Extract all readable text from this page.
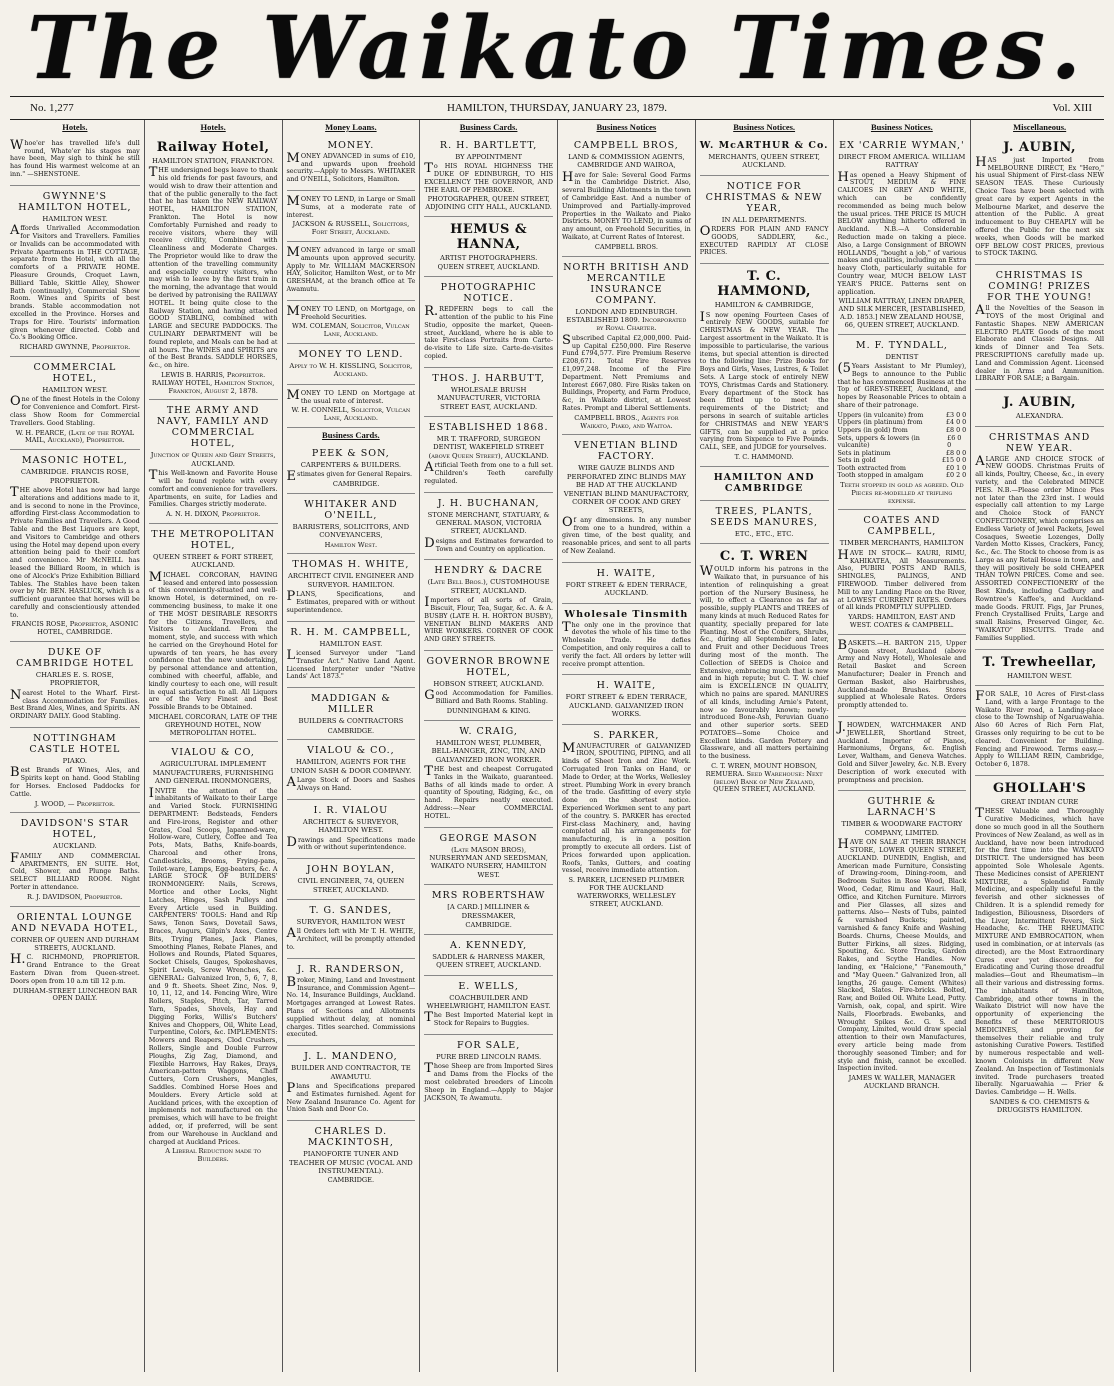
The Waikato Times.
No. 1,277	HAMILTON, THURSDAY, JANUARY 23, 1879.	Vol. XIII
Hotels.
Whoe'er has travelled life's dull round, Whate'er his stages may have been, May sigh to think he still has found His warmest welcome at an inn." —SHENSTONE.
GWYNNE'S HAMILTON HOTEL,
HAMILTON WEST.
Affords Unrivalled Accommodation for Visitors and Travellers. Families or Invalids can be accommodated with Private Apartments in THE COTTAGE, separate from the Hotel, with all the comforts of a PRIVATE HOME. Pleasure Grounds, Croquet Lawn, Billiard Table, Skittle Alley, Shower Bath (continually), Commercial Show Room. Wines and Spirits of best brands. Stable accommodation not excelled in the Province. Horses and Traps for Hire. Tourists' information given whenever directed. Cobb and Co.'s Booking Office.
RICHARD GWYNNE, Proprietor.
COMMERCIAL HOTEL,
HAMILTON WEST.
One of the finest Hotels in the Colony for Convenience and Comfort. First-class Show Room for Commercial Travellers. Good Stabling.
W. H. PEARCE, (Late of the ROYAL MAIL, Auckland), Proprietor.
MASONIC HOTEL,
CAMBRIDGE. FRANCIS ROSE, PROPRIETOR.
THE above Hotel has now had large alterations and additions made to it, and is second to none in the Province, affording First-class Accommodation to Private Families and Travellers. A Good Table and the Best Liquors are kept, and Visitors to Cambridge and others using the Hotel may depend upon every attention being paid to their comfort and convenience. Mr McNEILL has leased the Billiard Room, in which is one of Alcock's Prize Exhibition Billiard Tables. The Stables have been taken over by Mr. BEN. HASLUCK, which is a sufficient guarantee that horses will be carefully and conscientiously attended to.
FRANCIS ROSE, Proprietor, ASONIC HOTEL, CAMBRIDGE.
DUKE OF CAMBRIDGE HOTEL
CHARLES E. S. ROSE, PROPRIETOR,
Nearest Hotel to the Wharf. First-class Accommodation for Families. Best Brand Ales, Wines, and Spirits. AN ORDINARY DAILY. Good Stabling.
NOTTINGHAM CASTLE HOTEL
PIAKO.
Best Brands of Wines, Ales, and Spirits kept on hand. Good Stabling for Horses. Enclosed Paddocks for Cattle.
J. WOOD, — Proprietor.
DAVIDSON'S STAR HOTEL,
AUCKLAND.
FAMILY AND COMMERCIAL APARTMENTS, EN SUITE. Hot, Cold, Shower, and Plunge Baths. SELECT BILLIARD ROOM. Night Porter in attendance.
R. J. DAVIDSON, Proprietor.
ORIENTAL LOUNGE AND NEVADA HOTEL,
CORNER OF QUEEN AND DURHAM STREETS, AUCKLAND.
H.C. RICHMOND, PROPRIETOR. Grand Entrance to the Great Eastern Divan from Queen-street. Doors open from 10 a.m till 12 p.m.
DURHAM-STREET LUNCHEON BAR OPEN DAILY.
Hotels.
Railway Hotel,
HAMILTON STATION, FRANKTON.
THE undersigned begs leave to thank his old friends for past favours, and would wish to draw their attention and that of the public generally to the fact that he has taken the NEW RAILWAY HOTEL, HAMILTON STATION, Frankton. The Hotel is now Comfortably Furnished and ready to receive visitors, where they will receive civility, Combined with Cleanliness and Moderate Charges. The Proprietor would like to draw the attention of the travelling community and especially country visitors, who may wish to leave by the first train in the morning, the advantage that would be derived by patronising the RAILWAY HOTEL. It being quite close to the Railway Station, and having attached GOOD STABLING, combined with LARGE and SECURE PADDOCKS. The CULINARY DEPARTMENT will be found replete, and Meals can be had at all hours. The WINES and SPIRITS are of the Best Brands. SADDLE HORSES, &c., on hire.
LEWIS B. HARRIS, Proprietor. RAILWAY HOTEL, Hamilton Station, Frankton, August 2, 1878.
THE ARMY AND NAVY, FAMILY AND COMMERCIAL HOTEL,
Junction of Queen and Grey Streets, AUCKLAND.
This Well-known and Favorite House will be found replete with every comfort and convenience for travellers. Apartments, en suite, for Ladies and Families. Charges strictly moderate.
A. N. H. DIXON, Proprietor.
THE METROPOLITAN HOTEL,
QUEEN STREET & FORT STREET, AUCKLAND.
MICHAEL CORCORAN, HAVING leased and entered into possession of this conveniently-situated and well-known Hotel, is determined, on re-commencing business, to make it one of THE MOST DESIRABLE RESORTS for the Citizens, Travellers, and Visitors to Auckland. From the moment, style, and success with which he carried on the Greyhound Hotel for upwards of ten years, he has every confidence that the new undertaking, by personal attendance and attention, combined with cheerful, affable, and kindly courtesy to each one, will result in equal satisfaction to all. All Liquors are of the Very Finest and Best Possible Brands to be Obtained.
MICHAEL CORCORAN, LATE OF THE GREYHOUND HOTEL, NOW METROPOLITAN HOTEL.
VIALOU & CO,
AGRICULTURAL IMPLEMENT MANUFACTURERS, FURNISHING AND GENERAL IRONMONGERS,
INVITE the attention of the inhabitants of Waikato to their Large and Varied Stock. FURNISHING DEPARTMENT: Bedsteads, Fenders and Fire-irons, Register and other Grates, Coal Scoops, Japanned-ware, Hollow-ware, Cutlery, Coffee and Tea Pots, Mats, Baths, Knife-boards, Charcoal and other Irons, Candlesticks, Brooms, Frying-pans, Toilet-ware, Lamps, Egg-beaters, &c. A LARGE STOCK OF BUILDERS' IRONMONGERY: Nails, Screws, Mortice and other Locks, Night Latches, Hinges, Sash Pulleys and Every Article used in Building. CARPENTERS' TOOLS: Hand and Rip Saws, Tenon Saws, Dovetail Saws, Braces, Augurs, Gilpin's Axes, Centre Bits, Trying Planes, Jack Planes, Smoothing Planes, Rebate Planes, and Hollows and Rounds, Plated Squares, Socket Chisels, Gauges, Spokeshaves, Spirit Levels, Screw Wrenches, &c. GENERAL: Galvanized Iron, 5, 6, 7, 8, and 9 ft. Sheets. Sheet Zinc, Nos. 9, 10, 11, 12, and 14. Fencing Wire, Wire Rollers, Staples, Pitch, Tar, Tarred Yarn, Spades, Shovels, Hay and Digging Forks, Willis's Butchers' Knives and Choppers, Oil, White Lead, Turpentine, Colors, &c. IMPLEMENTS: Mowers and Reapers, Clod Crushers, Rollers, Single and Double Furrow Ploughs, Zig Zag, Diamond, and Flexible Harrows, Hay Rakes, Drays, American-pattern Waggons, Chaff Cutters, Corn Crushers, Mangles, Saddles. Combined Horse Hoes and Moulders. Every Article sold at Auckland prices, with the exception of implements not manufactured on the premises, which will have to be freight added, or, if preferred, will be sent from our Warehouse in Auckland and charged at Auckland Prices.
A Liberal Reduction made to Builders.
Money Loans.
MONEY.
MONEY ADVANCED in sums of £10, and upwards upon freehold security.—Apply to Messrs. WHITAKER and O'NEILL, Solicitors, Hamilton.
MONEY TO LEND, in Large or Small Sums, at a moderate rate of interest.
JACKSON & RUSSELL, Solicitors, Fort Street, Auckland.
MONEY advanced in large or small amounts upon approved security. Apply to Mr. WILLIAM MACKERSON HAY, Solicitor, Hamilton West, or to Mr GRESHAM, at the branch office at Te Awamutu.
MONEY TO LEND, on Mortgage, on Freehold Securities.
WM. COLEMAN, Solicitor, Vulcan Lane, Auckland.
MONEY TO LEND.
Apply to W. H. KISSLING, Solicitor, Auckland.
MONEY TO LEND on Mortgage at the usual rate of interest.
W. H. CONNELL, Solicitor, Vulcan Lane, Auckland.
Business Cards.
PEEK & SON,
CARPENTERS & BUILDERS.
Estimates given for General Repairs.
CAMBRIDGE.
WHITAKER AND O'NEILL,
BARRISTERS, SOLICITORS, AND CONVEYANCERS,
Hamilton West.
THOMAS H. WHITE,
ARCHITECT CIVIL ENGINEER AND SURVEYOR. HAMILTON.
PLANS, Specifications, and Estimates, prepared with or without superintendence.
R. H. M. CAMPBELL,
HAMILTON EAST.
Licensed Surveyor under "Land Transfer Act." Native Land Agent. Licensed Interpreter under "Native Lands' Act 1873."
MADDIGAN & MILLER
BUILDERS & CONTRACTORS
CAMBRIDGE.
VIALOU & CO.,
HAMILTON, AGENTS FOR THE UNION SASH & DOOR COMPANY.
ALarge Stock of Doors and Sashes Always on Hand.
I. R. VIALOU
ARCHITECT & SURVEYOR, HAMILTON WEST.
Drawings and Specifications made with or without superintendence.
JOHN BOYLAN,
CIVIL ENGINEER, 74, QUEEN STREET, AUCKLAND.
T. G. SANDES,
SURVEYOR, HAMILTON WEST
All Orders left with Mr T. H. WHITE, Architect, will be promptly attended to.
J. R. RANDERSON,
Broker, Mining, Land and Investment Insurance, and Commission Agent— No. 14, Insurance Buildings, Auckland. Mortgages arranged at Lowest Rates. Plans of Sections and Allotments supplied without delay, at nominal charges. Titles searched. Commissions executed.
J. L. MANDENO,
BUILDER AND CONTRACTOR, TE AWAMUTU.
Plans and Specifications prepared and Estimates furnished. Agent for New Zealand Insurance Co. Agent for Union Sash and Door Co.
CHARLES D. MACKINTOSH,
PIANOFORTE TUNER AND TEACHER OF MUSIC (VOCAL AND INSTRUMENTAL).
CAMBRIDGE.
Business Cards.
R. H. BARTLETT,
BY APPOINTMENT
To HIS ROYAL HIGHNESS THE DUKE OF EDINBURGH, TO HIS EXCELLENCY THE GOVERNOR, AND THE EARL OF PEMBROKE.
PHOTOGRAPHER, QUEEN STREET, ADJOINING CITY HALL, AUCKLAND.
HEMUS & HANNA,
ARTIST PHOTOGRAPHERS.
QUEEN STREET, AUCKLAND.
PHOTOGRAPHIC NOTICE.
R.REDFERN begs to call the attention of the public to his Fine Studio, opposite the market, Queen-street, Auckland, where he is able to take First-class Portraits from Carte-de-visite to Life size. Carte-de-visites copied.
THOS. J. HARBUTT,
WHOLESALE BRUSH MANUFACTURER, VICTORIA STREET EAST, AUCKLAND.
ESTABLISHED 1868.
MR T. TRAFFORD, SURGEON DENTIST, WAKEFIELD STREET (above Queen Street), AUCKLAND.
Artificial Teeth from one to a full set. Children's Teeth carefully regulated.
J. H. BUCHANAN,
STONE MERCHANT, STATUARY, & GENERAL MASON, VICTORIA STREET, AUCKLAND.
Designs and Estimates forwarded to Town and Country on application.
HENDRY & DACRE
(Late Bell Bros.), CUSTOMHOUSE STREET, AUCKLAND.
Importers of all sorts of Grain, Biscuit, Flour, Tea, Sugar, &c. A. & A. BUSBY (LATE H. H. HORTON BUSBY), VENETIAN BLIND MAKERS AND WIRE WORKERS. CORNER OF COOK AND GREY STREETS.
GOVERNOR BROWNE HOTEL,
HOBSON STREET, AUCKLAND.
Good Accommodation for Families. Billiard and Bath Rooms. Stabling.
DUNNINGHAM & KING.
W. CRAIG,
HAMILTON WEST, PLUMBER, BELL-HANGER, ZINC, TIN, AND GALVANIZED IRON WORKER.
THE best and cheapest Corrugated Tanks in the Waikato, guaranteed. Baths of all kinds made to order. A quantity of Spouting, Ridging, &c., on hand. Repairs neatly executed. Address:—Near COMMERCIAL HOTEL.
GEORGE MASON
(Late MASON BROS), NURSERYMAN AND SEEDSMAN, WAIKATO NURSERY, HAMILTON WEST.
MRS ROBERTSHAW
[A CARD.] MILLINER & DRESSMAKER,
CAMBRIDGE.
A. KENNEDY,
SADDLER & HARNESS MAKER, QUEEN STREET, AUCKLAND.
E. WELLS,
COACHBUILDER AND WHEELWRIGHT, HAMILTON EAST.
The Best Imported Material kept in Stock for Repairs to Buggies.
FOR SALE,
PURE BRED LINCOLN RAMS.
Those Sheep are from Imported Sires and Dams from the Flocks of the most celebrated breeders of Lincoln Sheep in England.—Apply to Major JACKSON, Te Awamutu.
Business Notices
CAMPBELL BROS,
LAND & COMMISSION AGENTS, CAMBRIDGE AND WAIROA,
Have for Sale: Several Good Farms in the Cambridge District. Also, several Building Allotments in the town of Cambridge East. And a number of Unimproved and Partially-improved Properties in the Waikato and Piako Districts. MONEY TO LEND, in sums of any amount, on Freehold Securities, in Waikato, at Current Rates of Interest.
CAMPBELL BROS.
NORTH BRITISH AND MERCANTILE INSURANCE COMPANY.
LONDON AND EDINBURGH. ESTABLISHED 1809. Incorporated by Royal Charter.
Subscribed Capital £2,000,000. Paid-up Capital £250,000. Fire Reserve Fund £794,577. Fire Premium Reserve £208,671. Total Fire Reserves £1,097,248. Income of the Fire Department. Nett Premiums and Interest £667,080. Fire Risks taken on Buildings, Property, and Farm Produce, &c, in Waikato district, at Lowest Rates. Prompt and Liberal Settlements.
CAMPBELL BROS., Agents for Waikato, Piako, and Waitoa.
VENETIAN BLIND FACTORY.
WIRE GAUZE BLINDS AND PERFORATED ZINC BLINDS MAY BE HAD AT THE AUCKLAND VENETIAN BLIND MANUFACTORY, CORNER OF COOK AND GREY STREETS,
Of any dimensions. In any number from one to a hundred, within a given time, of the best quality, and reasonable prices, and sent to all parts of New Zealand.
H. WAITE,
FORT STREET & EDEN TERRACE, AUCKLAND.
Wholesale Tinsmith
The only one in the province that devotes the whole of his time to the Wholesale Trade. He defies Competition, and only requires a call to verify the fact. All orders by letter will receive prompt attention.
H. WAITE,
FORT STREET & EDEN TERRACE, AUCKLAND. GALVANIZED IRON WORKS.
S. PARKER,
MANUFACTURER of GALVANIZED IRON, SPOUTING, PIPING, and all kinds of Sheet Iron and Zinc Work. Corrugated Iron Tanks on Hand, or Made to Order, at the Works, Wellesley street. Plumbing Work in every branch of the trade. Gasfitting of every style done on the shortest notice. Experienced Workmen sent to any part of the country. S. PARKER has erected First-class Machinery, and, having completed all his arrangements for manufacturing, is in a position promptly to execute all orders. List of Prices forwarded upon application. Roofs, Tanks, Gutters, and coating vessel, receive immediate attention.
S. PARKER, LICENSED PLUMBER FOR THE AUCKLAND WATERWORKS, WELLESLEY STREET, AUCKLAND.
Business Notices.
W. McARTHUR & Co.
MERCHANTS, QUEEN STREET, AUCKLAND.
NOTICE FOR CHRISTMAS & NEW YEAR,
IN ALL DEPARTMENTS.
ORDERS FOR PLAIN AND FANCY GOODS, SADDLERY, &c., EXECUTED RAPIDLY AT CLOSE PRICES.
T. C. HAMMOND,
HAMILTON & CAMBRIDGE,
IS now opening Fourteen Cases of entirely NEW GOODS, suitable for CHRISTMAS & NEW YEAR. The Largest assortment in the Waikato. It is impossible to particularise, the various items, but special attention is directed to the following line: Prize Books for Boys and Girls, Vases, Lustres, & Toilet Sets. A Large stock of entirely NEW TOYS, Christmas Cards and Stationery. Every department of the Stock has been fitted up to meet the requirements of the District; and persons in search of suitable articles for CHRISTMAS and NEW YEAR'S GIFTS, can be supplied at a price varying from Sixpence to Five Pounds. CALL, SEE, and JUDGE for yourselves.
T. C. HAMMOND.
HAMILTON AND CAMBRIDGE
TREES, PLANTS, SEEDS MANURES,
ETC., ETC., ETC.
C. T. WREN
WOULD inform his patrons in the Waikato that, in pursuance of his intention of relinquishing a great portion of the Nursery Business, he will, to effect a Clearance as far as possible, supply PLANTS and TREES of many kinds at much Reduced Rates for quantity, specially prepared for late Planting. Most of the Conifers, Shrubs, &c., during all September and later, and Fruit and other Deciduous Trees during most of the month. The Collection of SEEDS is Choice and Extensive, embracing much that is new and in high repute; but C. T. W. chief aim is EXCELLENCE IN QUALITY, which no pains are spared. MANURES of all kinds, including Arnie's Patent, now so favourably known; newly-introduced Bone-Ash, Peruvian Guano and other superior sorts. SEED POTATOES—Some Choice and Excellent kinds. Garden Pottery and Glassware, and all matters pertaining to the business.
C. T. WREN, MOUNT HOBSON, REMUERA. Seed Warehouse: Next (below) Bank of New Zealand, QUEEN STREET, AUCKLAND.
Business Notices.
EX 'CARRIE WYMAN,'
DIRECT FROM AMERICA. WILLIAM RATTRAY
Has opened a Heavy Shipment of STOUT, MEDIUM & FINE CALICOES IN GREY AND WHITE, which can be confidently recommended as being much below the usual prices. THE PRICE IS MUCH BELOW anything hitherto offered in Auckland. N.B.—A Considerable Reduction made on taking a piece. Also, a Large Consignment of BROWN HOLLANDS, "bought a job," of various makes and qualities, including an Extra heavy Cloth, particularly suitable for Country wear, MUCH BELOW LAST YEAR'S PRICE. Patterns sent on application.
WILLIAM RATTRAY, LINEN DRAPER, AND SILK MERCER, [ESTABLISHED, A.D. 1853.] NEW ZEALAND HOUSE, 66, QUEEN STREET, AUCKLAND.
M. F. TYNDALL,
DENTIST
(5Years Assistant to Mr Plumley), Begs to announce to the Public that he has commenced Business at the Top of GREY-STREET, Auckland, and hopes by Reasonable Prices to obtain a share of their patronage.
Uppers (in vulcanite) from	£3 0 0
Uppers (in platinum) from	£4 0 0
Uppers (in gold) from	£8 0 0
Sets, uppers & lowers (in vulcanite)
£6 0 0
Sets in platinum	£8 0 0
Sets in gold	£15 0 0
Tooth extracted from	£0 1 0
Tooth stopped in amalgam	£0 2 0
Teeth stopped in gold as agreed. Old Pieces re-modelled at trifling expense.
COATES AND CAMPBELL,
TIMBER MERCHANTS, HAMILTON
HAVE IN STOCK— KAURI, RIMU, KAHIKATEA, All Measurements. Also, PUBIRI POSTS AND RAILS, SHINGLES, PALINGS, AND FIREWOOD. Timber delivered from Mill to any Landing Place on the River, at LOWEST CURRENT RATES. Orders of all kinds PROMPTLY SUPPLIED.
YARDS: HAMILTON, EAST AND WEST. COATES & CAMPBELL.
BASKETS.—H. BARTON 215, Upper Queen street, Auckland (above Army and Navy Hotel), Wholesale and Retail Basket and Screen Manufacturer; Dealer in French and German Basket, also Hairbrushes, Auckland-made Brushes. Stores supplied at Wholesale Rates. Orders promptly attended to.
J.HOWDEN, WATCHMAKER AND JEWELLER, Shortland Street, Auckland. Importer of Pianos, Harmoniums, Organs, &c. English Lever, Waltham, and Geneva Watches. Gold and Silver Jewelry, &c. N.B. Every Description of work executed with promptness and precision.
GUTHRIE & LARNACH'S
TIMBER & WOODWARE FACTORY COMPANY, LIMITED.
HAVE ON SALE AT THEIR BRANCH STORE, LOWER QUEEN STREET, AUCKLAND. DUNEDIN, English, and American made Furniture, Consisting of Drawing-room, Dining-room, and Bedroom Suites in Rose Wood, Black Wood, Cedar, Rimu and Kauri. Hall, Office, and Kitchen Furniture. Mirrors and Pier Glasses, all sizes and patterns. Also— Nests of Tubs, painted & varnished Buckets; painted, varnished & fancy Knife and Washing Boards. Churns, Cheese Moulds, and Butter Firkins, all sizes. Ridging, Spouting, &c. Store Trucks, Garden Rakes, and Scythe Handles. Now landing, ex "Halcione," "Fanemouth," and "May Queen." Galvanized Iron, all lengths, 26 gauge. Cement (Whites) Slacked, Slates. Fire-bricks. Bolted, Raw, and Boiled Oil. White Lead, Putty. Varnish, oak, copal, and spirit. Wire Nails, Floorbrads. Ewebanks, and Wrought Spikes &c. G. S. and Company, Limited, would draw special attention to their own Manufactures, every article being made from thoroughly seasoned Timber; and for style and finish, cannot be excelled. Inspection invited.
JAMES W. WALLER, MANAGER AUCKLAND BRANCH.
Miscellaneous.
J. AUBIN,
HAS just Imported from MELBOURNE DIRECT, Ex "Hero," his usual Shipment of First-class NEW SEASON TEAS. These Curiously Choice Teas have been selected with great care by expert Agents in the Melbourne Market, and deserve the attention of the Public. A great inducement to Buy CHEAPLY will be offered the Public for the next six weeks, when Goods will be marked OFF BELOW COST PRICES, previous to STOCK TAKING.
CHRISTMAS IS COMING! PRIZES FOR THE YOUNG!
All the Novelties of the Season in TOYS of the most Original and Fantastic Shapes. NEW AMERICAN ELECTRO PLATE Goods of the most Elaborate and Classic Designs. All kinds of Dinner and Tea Sets. PRESCRIPTIONS carefully made up. Land and Commission Agent. Licensed dealer in Arms and Ammunition. LIBRARY FOR SALE; a Bargain.
J. AUBIN,
ALEXANDRA.
CHRISTMAS AND NEW YEAR.
ALARGE AND CHOICE STOCK of NEW GOODS. Christmas Fruits of all kinds, Poultry, Cheese, &c., in every variety, and the Celebrated MINCE PIES. N.B.—Please order Mince Pies not later than the 23rd inst. I would especially call attention to my Large and Choice Stock of FANCY CONFECTIONERY, which comprises an Endless Variety of Jewel Packets, Jewel Cosaques, Sweetie Lozenges, Dolly Varden Motto Kisses, Crackers, Fancy, &c., &c. The Stock to choose from is as Large as any Retail House in town, and they will positively be sold CHEAPER THAN TOWN PRICES. Come and see. ASSORTED CONFECTIONERY of the Best Kinds, including Cadbury and Rowntree's Kaffee's, and Auckland-made Goods. FRUIT. Figs, Jar Prunes, French Crystallised Fruits, Large and small Raisins, Preserved Ginger, &c. "WAIKATO" BISCUITS. Trade and Families Supplied.
T. Trewheellar,
HAMILTON WEST.
FOR SALE, 10 Acres of First-class Land, with a large Frontage to the Waikato River road, a Landing-place close to the Township of Ngaruawahia. Also 60 Acres of Rich Fern Flat, Grasses only requiring to be cut to be cleared. Convenient for Building. Fencing and Firewood. Terms easy.—Apply to WILLIAM REIN, Cambridge, October 6, 1878.
GHOLLAH'S
GREAT INDIAN CURE
THESE Valuable and Thoroughly Curative Medicines, which have done so much good in all the Southern Provinces of New Zealand, as well as in Auckland, have now been introduced for the first time into the WAIKATO DISTRICT. The undersigned has been appointed Sole Wholesale Agents. These Medicines consist of APERIENT MIXTURE, a Splendid Family Medicine, and especially useful in the feverish and other sicknesses of Children. It is a splendid remedy for Indigestion, Biliousness, Disorders of the Liver, Intermittent Fevers, Sick Headache, &c. THE RHEUMATIC MIXTURE AND EMBROCATION, when used in combination, or at intervals (as directed), are the Most Extraordinary Cures ever yet discovered for Eradicating and Curing those dreadful maladies—Gout and Rheumatism—in all their various and distressing forms. The inhabitants of Hamilton, Cambridge, and other towns in the Waikato District will now have the opportunity of experiencing the Benefits of these MERITORIOUS MEDICINES, and proving for themselves their reliable and truly astonishing Curative Powers. Testified by numerous respectable and well-known Colonists in different New Zealand. An Inspection of Testimonials invited. Trade purchasers treated liberally. Ngaruawahia — Frier & Davies. Cambridge — H. Wells.
SANDES & CO. CHEMISTS & DRUGGISTS HAMILTON.
